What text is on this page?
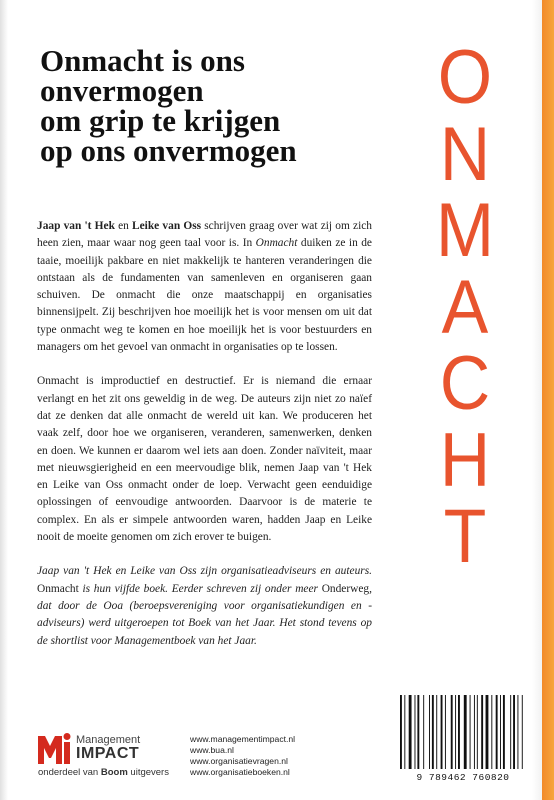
Onmacht is ons
onvermogen
om grip te krijgen
op ons onvermogen

Jaap van 't Hek en Leike van Oss schrijven graag over wat zij om zich heen zien, maar waar nog geen taal voor is. In Onmacht duiken ze in de taaie, moeilijk pakbare en niet makkelijk te hanteren veranderingen die ontstaan als de fundamenten van samenleven en organiseren gaan schuiven. De onmacht die onze maatschappij en organisaties binnensijpelt. Zij beschrijven hoe moeilijk het is voor mensen om uit dat type onmacht weg te komen en hoe moeilijk het is voor bestuurders en managers om het gevoel van onmacht in organisaties op te lossen.

Onmacht is improductief en destructief. Er is niemand die ernaar verlangt en het zit ons geweldig in de weg. De auteurs zijn niet zo naïef dat ze denken dat alle onmacht de wereld uit kan. We produceren het vaak zelf, door hoe we organiseren, veranderen, samenwerken, denken en doen. We kunnen er daarom wel iets aan doen. Zonder naïviteit, maar met nieuwsgierigheid en een meervoudige blik, nemen Jaap van 't Hek en Leike van Oss onmacht onder de loep. Verwacht geen eenduidige oplossingen of eenvoudige antwoorden. Daarvoor is de materie te complex. En als er simpele antwoorden waren, hadden Jaap en Leike nooit de moeite genomen om zich erover te buigen.

Jaap van 't Hek en Leike van Oss zijn organisatieadviseurs en auteurs. Onmacht is hun vijfde boek. Eerder schreven zij onder meer Onderweg, dat door de Ooa (beroepsvereniging voor organisatiekundigen en -adviseurs) werd uitgeroepen tot Boek van het Jaar. Het stond tevens op de shortlist voor Managementboek van het Jaar.

O
N
M
A
C
H
T
Management
IMPACT
onderdeel van Boom uitgevers
www.managementimpact.nl
www.bua.nl
www.organisatievragen.nl
www.organisatieboeken.nl	9 789462 760820
